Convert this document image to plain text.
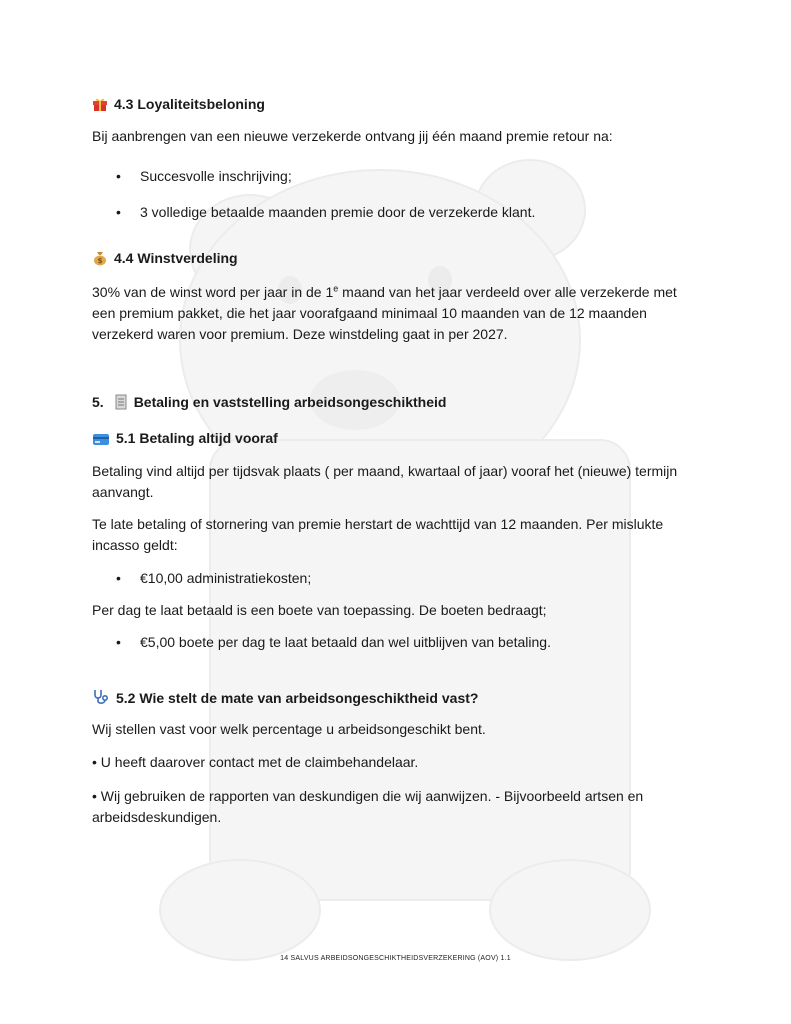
4.3 Loyaliteitsbeloning

Bij aanbrengen van een nieuwe verzekerde ontvang jij één maand premie retour na:

• Succesvolle inschrijving;
• 3 volledige betaalde maanden premie door de verzekerde klant.
$ 4.4 Winstverdeling

30% van de winst word per jaar in de 1e maand van het jaar verdeeld over alle verzekerde met

een premium pakket, die het jaar voorafgaand minimaal 10 maanden van de 12 maanden

verzekerd waren voor premium. Deze winstdeling gaat in per 2027.

5. Betaling en vaststelling arbeidsongeschiktheid
5.1 Betaling altijd vooraf

Betaling vind altijd per tijdsvak plaats ( per maand, kwartaal of jaar) vooraf het (nieuwe) termijn aanvangt.

Te late betaling of stornering van premie herstart de wachttijd van 12 maanden. Per mislukte incasso geldt:

• €10,00 administratiekosten;

Per dag te laat betaald is een boete van toepassing. De boeten bedraagt;

• €5,00 boete per dag te laat betaald dan wel uitblijven van betaling.
5.2 Wie stelt de mate van arbeidsongeschiktheid vast?

Wij stellen vast voor welk percentage u arbeidsongeschikt bent.

• U heeft daarover contact met de claimbehandelaar.

• Wij gebruiken de rapporten van deskundigen die wij aanwijzen. - Bijvoorbeeld artsen en arbeidsdeskundigen.

14 SALVUS ARBEIDSONGESCHIKTHEIDSVERZEKERING (AOV) 1.1
